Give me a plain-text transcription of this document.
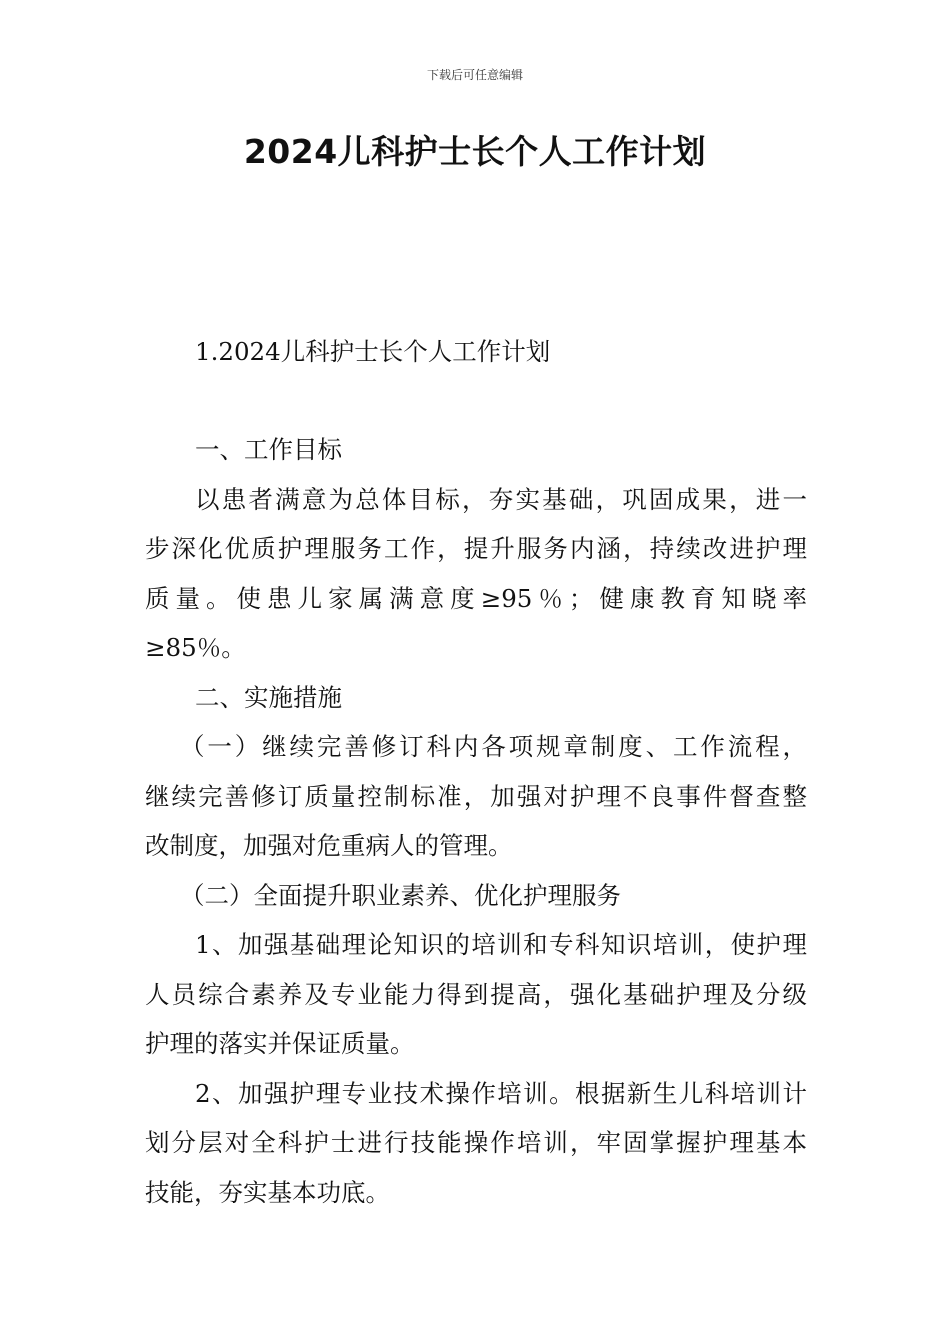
下载后可任意编辑
2024儿科护士长个人工作计划
1.2024儿科护士长个人工作计划
一、工作目标
以患者满意为总体目标，夯实基础，巩固成果，进一
步深化优质护理服务工作，提升服务内涵，持续改进护理
质量。使患儿家属满意度≥95％；健康教育知晓率
≥85％。
二、实施措施
（一）继续完善修订科内各项规章制度、工作流程，
继续完善修订质量控制标准，加强对护理不良事件督查整
改制度，加强对危重病人的管理。
（二）全面提升职业素养、优化护理服务
1、加强基础理论知识的培训和专科知识培训，使护理
人员综合素养及专业能力得到提高，强化基础护理及分级
护理的落实并保证质量。
2、加强护理专业技术操作培训。根据新生儿科培训计
划分层对全科护士进行技能操作培训，牢固掌握护理基本
技能，夯实基本功底。
